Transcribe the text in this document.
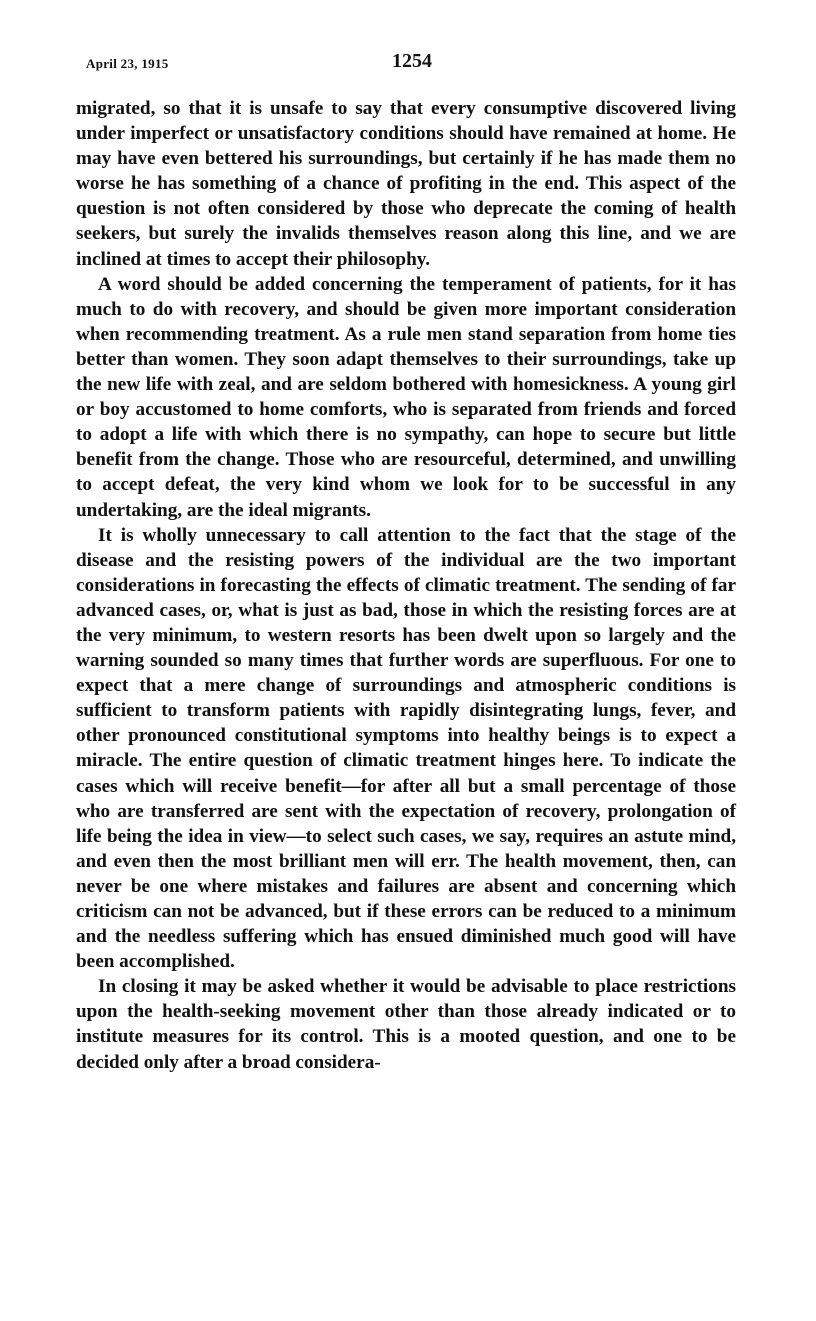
April 23, 1915	1254

migrated, so that it is unsafe to say that every consumptive discovered living under imperfect or unsatisfactory conditions should have remained at home. He may have even bettered his surroundings, but certainly if he has made them no worse he has something of a chance of profiting in the end. This aspect of the question is not often considered by those who deprecate the coming of health seekers, but surely the invalids themselves reason along this line, and we are inclined at times to accept their philosophy.

A word should be added concerning the temperament of patients, for it has much to do with recovery, and should be given more important consideration when recommending treatment. As a rule men stand separation from home ties better than women. They soon adapt themselves to their surroundings, take up the new life with zeal, and are seldom bothered with homesickness. A young girl or boy accustomed to home comforts, who is separated from friends and forced to adopt a life with which there is no sympathy, can hope to secure but little benefit from the change. Those who are resourceful, determined, and unwilling to accept defeat, the very kind whom we look for to be successful in any undertaking, are the ideal migrants.

It is wholly unnecessary to call attention to the fact that the stage of the disease and the resisting powers of the individual are the two important considerations in forecasting the effects of climatic treatment. The sending of far advanced cases, or, what is just as bad, those in which the resisting forces are at the very minimum, to western resorts has been dwelt upon so largely and the warning sounded so many times that further words are superfluous. For one to expect that a mere change of surroundings and atmospheric conditions is sufficient to transform patients with rapidly disintegrating lungs, fever, and other pronounced constitutional symptoms into healthy beings is to expect a miracle. The entire question of climatic treatment hinges here. To indicate the cases which will receive benefit—for after all but a small percentage of those who are transferred are sent with the expectation of recovery, prolongation of life being the idea in view—to select such cases, we say, requires an astute mind, and even then the most brilliant men will err. The health movement, then, can never be one where mistakes and failures are absent and concerning which criticism can not be advanced, but if these errors can be reduced to a minimum and the needless suffering which has ensued diminished much good will have been accomplished.

In closing it may be asked whether it would be advisable to place restrictions upon the health-seeking movement other than those already indicated or to institute measures for its control. This is a mooted question, and one to be decided only after a broad considera-
